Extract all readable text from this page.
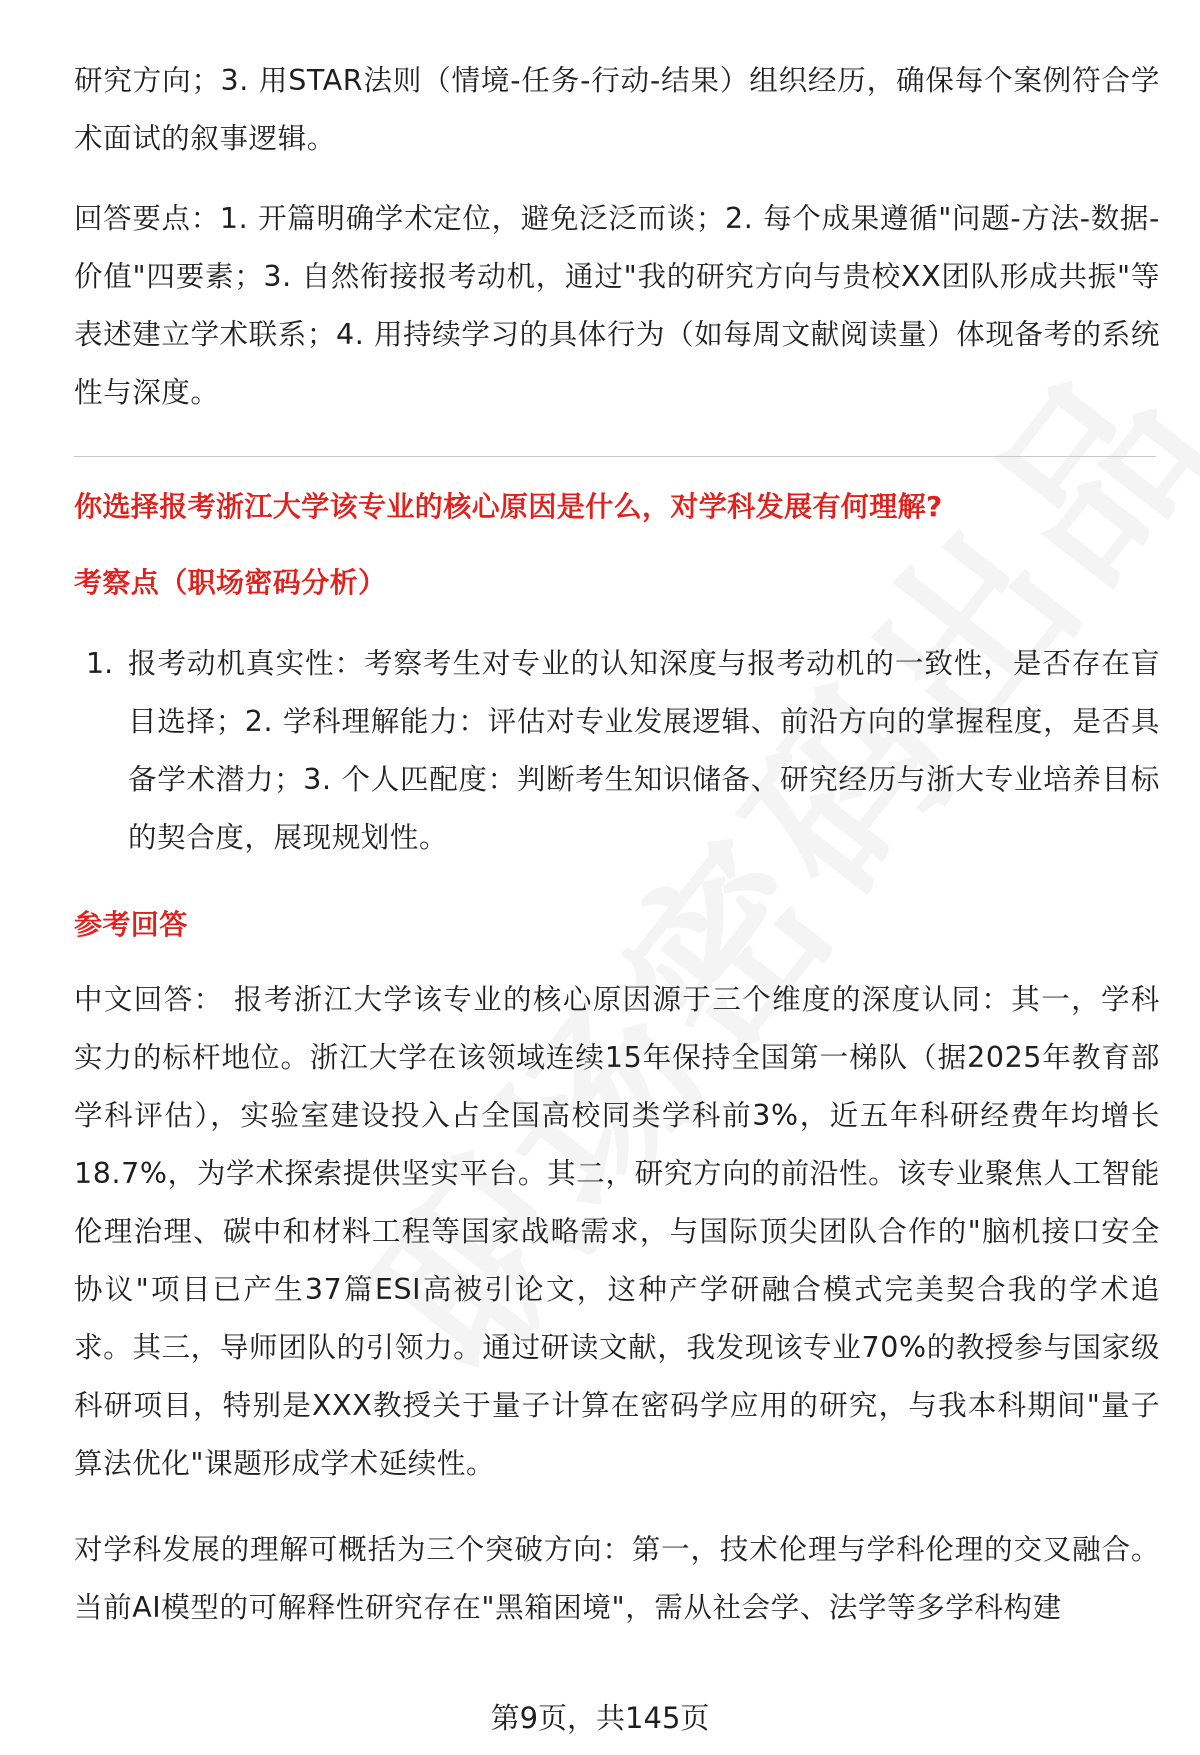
研究方向；3. 用STAR法则（情境-任务-行动-结果）组织经历，确保每个案例符合学术面试的叙事逻辑。

回答要点：1. 开篇明确学术定位，避免泛泛而谈；2. 每个成果遵循"问题-方法-数据-价值"四要素；3. 自然衔接报考动机，通过"我的研究方向与贵校XX团队形成共振"等表述建立学术联系；4. 用持续学习的具体行为（如每周文献阅读量）体现备考的系统性与深度。

你选择报考浙江大学该专业的核心原因是什么，对学科发展有何理解?

考察点（职场密码分析）

1. 报考动机真实性：考察考生对专业的认知深度与报考动机的一致性，是否存在盲目选择；2. 学科理解能力：评估对专业发展逻辑、前沿方向的掌握程度，是否具备学术潜力；3. 个人匹配度：判断考生知识储备、研究经历与浙大专业培养目标的契合度，展现规划性。

参考回答

中文回答： 报考浙江大学该专业的核心原因源于三个维度的深度认同：其一，学科实力的标杆地位。浙江大学在该领域连续15年保持全国第一梯队（据2025年教育部学科评估），实验室建设投入占全国高校同类学科前3%，近五年科研经费年均增长18.7%，为学术探索提供坚实平台。其二，研究方向的前沿性。该专业聚焦人工智能伦理治理、碳中和材料工程等国家战略需求，与国际顶尖团队合作的"脑机接口安全协议"项目已产生37篇ESI高被引论文，这种产学研融合模式完美契合我的学术追求。其三，导师团队的引领力。通过研读文献，我发现该专业70%的教授参与国家级科研项目，特别是XXX教授关于量子计算在密码学应用的研究，与我本科期间"量子算法优化"课题形成学术延续性。

对学科发展的理解可概括为三个突破方向：第一，技术伦理与学科伦理的交叉融合。当前AI模型的可解释性研究存在"黑箱困境"，需从社会学、法学等多学科构建

第9页，共145页
